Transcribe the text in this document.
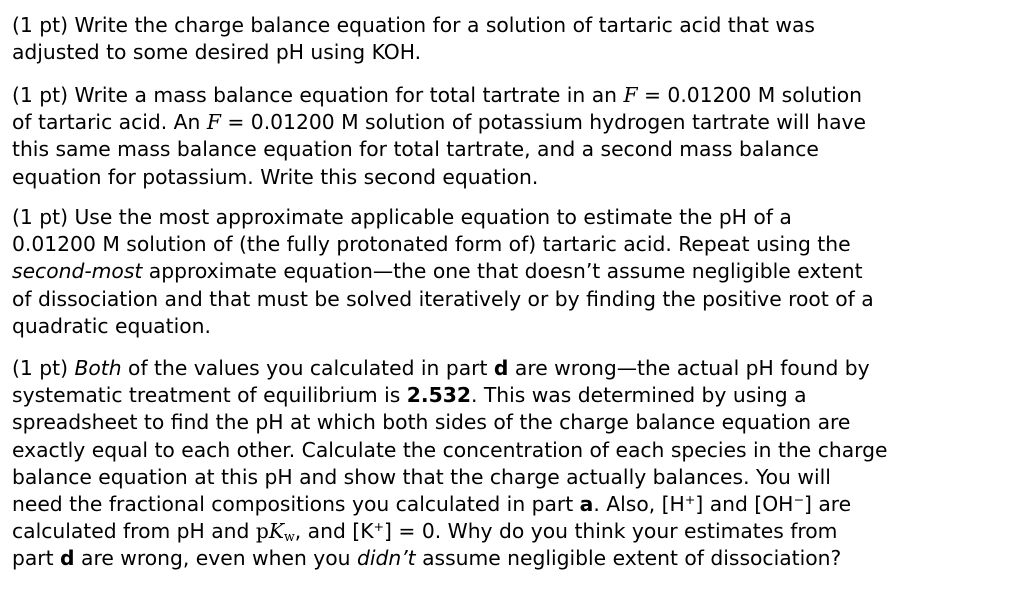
(1 pt) Write the charge balance equation for a solution of tartaric acid that was
adjusted to some desired pH using KOH.

(1 pt) Write a mass balance equation for total tartrate in an F = 0.01200 M solution
of tartaric acid. An F = 0.01200 M solution of potassium hydrogen tartrate will have
this same mass balance equation for total tartrate, and a second mass balance
equation for potassium. Write this second equation.

(1 pt) Use the most approximate applicable equation to estimate the pH of a
0.01200 M solution of (the fully protonated form of) tartaric acid. Repeat using the
second-most approximate equation—the one that doesn’t assume negligible extent
of dissociation and that must be solved iteratively or by finding the positive root of a
quadratic equation.

(1 pt) Both of the values you calculated in part d are wrong—the actual pH found by
systematic treatment of equilibrium is 2.532. This was determined by using a
spreadsheet to find the pH at which both sides of the charge balance equation are
exactly equal to each other. Calculate the concentration of each species in the charge
balance equation at this pH and show that the charge actually balances. You will
need the fractional compositions you calculated in part a. Also, [H+] and [OH−] are
calculated from pH and $pK_w$, and [K+] = 0. Why do you think your estimates from
part d are wrong, even when you didn’t assume negligible extent of dissociation?
